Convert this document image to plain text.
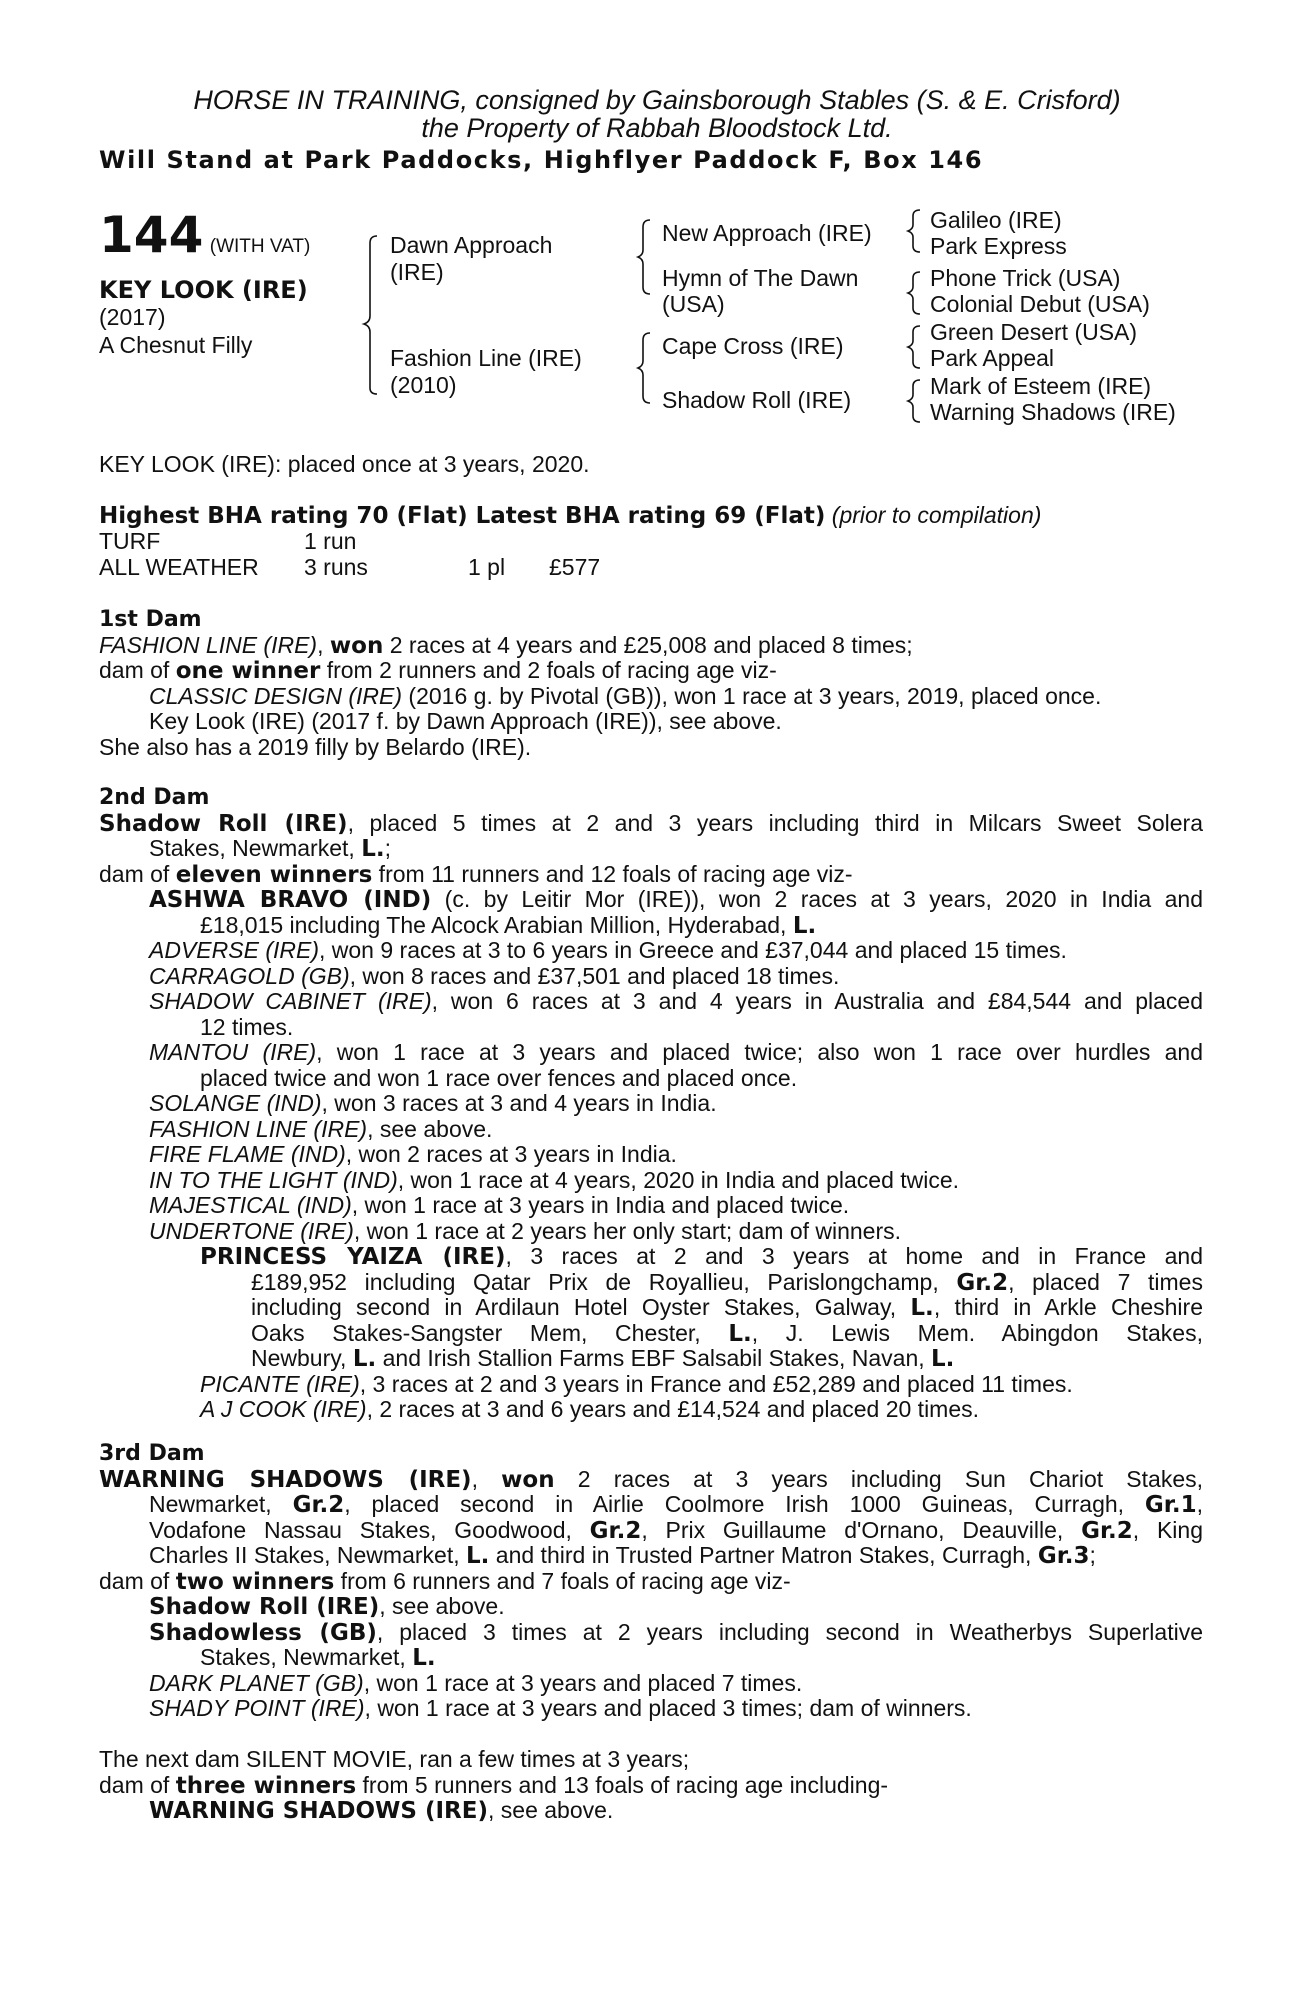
HORSE IN TRAINING, consigned by Gainsborough Stables (S. & E. Crisford)
the Property of Rabbah Bloodstock Ltd.
Will Stand at Park Paddocks, Highflyer Paddock F, Box 146
144 (WITH VAT)
KEY LOOK (IRE)
(2017)
A Chesnut Filly
Dawn Approach
(IRE)
Fashion Line (IRE)
(2010)
New Approach (IRE)
Hymn of The Dawn
(USA)
Cape Cross (IRE)
Shadow Roll (IRE)
Galileo (IRE)
Park Express
Phone Trick (USA)
Colonial Debut (USA)
Green Desert (USA)
Park Appeal
Mark of Esteem (IRE)
Warning Shadows (IRE)
KEY LOOK (IRE): placed once at 3 years, 2020.
Highest BHA rating 70 (Flat) Latest BHA rating 69 (Flat) (prior to compilation)
TURF	1 run
ALL WEATHER 3 runs	1 pl £577
1st Dam
FASHION LINE (IRE), won 2 races at 4 years and £25,008 and placed 8 times;
dam of one winner from 2 runners and 2 foals of racing age viz-
CLASSIC DESIGN (IRE) (2016 g. by Pivotal (GB)), won 1 race at 3 years, 2019, placed once.
Key Look (IRE) (2017 f. by Dawn Approach (IRE)), see above.
She also has a 2019 filly by Belardo (IRE).
2nd Dam
Shadow Roll (IRE), placed 5 times at 2 and 3 years including third in Milcars Sweet Solera
Stakes, Newmarket, L.;
dam of eleven winners from 11 runners and 12 foals of racing age viz-
ASHWA BRAVO (IND) (c. by Leitir Mor (IRE)), won 2 races at 3 years, 2020 in India and
£18,015 including The Alcock Arabian Million, Hyderabad, L.
ADVERSE (IRE), won 9 races at 3 to 6 years in Greece and £37,044 and placed 15 times.
CARRAGOLD (GB), won 8 races and £37,501 and placed 18 times.
SHADOW CABINET (IRE), won 6 races at 3 and 4 years in Australia and £84,544 and placed
12 times.
MANTOU (IRE), won 1 race at 3 years and placed twice; also won 1 race over hurdles and
placed twice and won 1 race over fences and placed once.
SOLANGE (IND), won 3 races at 3 and 4 years in India.
FASHION LINE (IRE), see above.
FIRE FLAME (IND), won 2 races at 3 years in India.
IN TO THE LIGHT (IND), won 1 race at 4 years, 2020 in India and placed twice.
MAJESTICAL (IND), won 1 race at 3 years in India and placed twice.
UNDERTONE (IRE), won 1 race at 2 years her only start; dam of winners.
PRINCESS YAIZA (IRE), 3 races at 2 and 3 years at home and in France and
£189,952 including Qatar Prix de Royallieu, Parislongchamp, Gr.2, placed 7 times
including second in Ardilaun Hotel Oyster Stakes, Galway, L., third in Arkle Cheshire
Oaks Stakes-Sangster Mem, Chester, L., J. Lewis Mem. Abingdon Stakes,
Newbury, L. and Irish Stallion Farms EBF Salsabil Stakes, Navan, L.
PICANTE (IRE), 3 races at 2 and 3 years in France and £52,289 and placed 11 times.
A J COOK (IRE), 2 races at 3 and 6 years and £14,524 and placed 20 times.
3rd Dam
WARNING SHADOWS (IRE), won 2 races at 3 years including Sun Chariot Stakes,
Newmarket, Gr.2, placed second in Airlie Coolmore Irish 1000 Guineas, Curragh, Gr.1,
Vodafone Nassau Stakes, Goodwood, Gr.2, Prix Guillaume d'Ornano, Deauville, Gr.2, King
Charles II Stakes, Newmarket, L. and third in Trusted Partner Matron Stakes, Curragh, Gr.3;
dam of two winners from 6 runners and 7 foals of racing age viz-
Shadow Roll (IRE), see above.
Shadowless (GB), placed 3 times at 2 years including second in Weatherbys Superlative
Stakes, Newmarket, L.
DARK PLANET (GB), won 1 race at 3 years and placed 7 times.
SHADY POINT (IRE), won 1 race at 3 years and placed 3 times; dam of winners.
The next dam SILENT MOVIE, ran a few times at 3 years;
dam of three winners from 5 runners and 13 foals of racing age including-
WARNING SHADOWS (IRE), see above.
